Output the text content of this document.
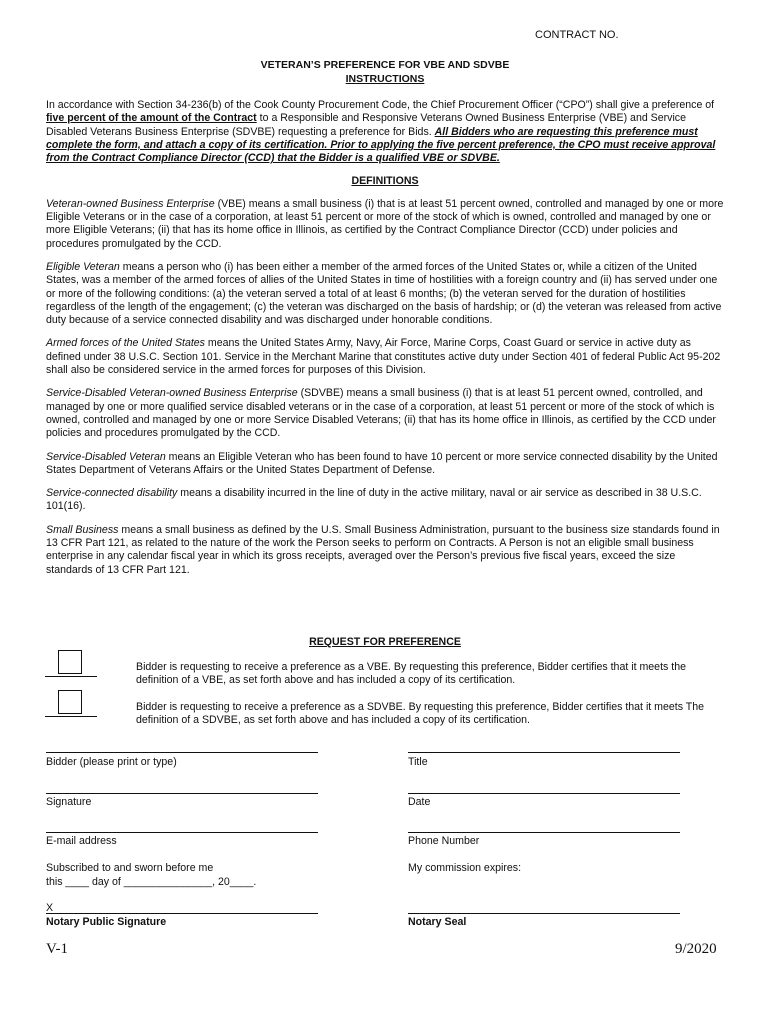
CONTRACT NO.
VETERAN’S PREFERENCE FOR VBE AND SDVBE
INSTRUCTIONS

In accordance with Section 34-236(b) of the Cook County Procurement Code, the Chief Procurement Officer (“CPO”) shall give a preference of five percent of the amount of the Contract to a Responsible and Responsive Veterans Owned Business Enterprise (VBE) and Service Disabled Veterans Business Enterprise (SDVBE) requesting a preference for Bids. All Bidders who are requesting this preference must complete the form, and attach a copy of its certification. Prior to applying the five percent preference, the CPO must receive approval from the Contract Compliance Director (CCD) that the Bidder is a qualified VBE or SDVBE.

DEFINITIONS

Veteran-owned Business Enterprise (VBE) means a small business (i) that is at least 51 percent owned, controlled and managed by one or more Eligible Veterans or in the case of a corporation, at least 51 percent or more of the stock of which is owned, controlled and managed by one or more Eligible Veterans; (ii) that has its home office in Illinois, as certified by the Contract Compliance Director (CCD) under policies and procedures promulgated by the CCD.

Eligible Veteran means a person who (i) has been either a member of the armed forces of the United States or, while a citizen of the United States, was a member of the armed forces of allies of the United States in time of hostilities with a foreign country and (ii) has served under one or more of the following conditions: (a) the veteran served a total of at least 6 months; (b) the veteran served for the duration of hostilities regardless of the length of the engagement; (c) the veteran was discharged on the basis of hardship; or (d) the veteran was released from active duty because of a service connected disability and was discharged under honorable conditions.

Armed forces of the United States means the United States Army, Navy, Air Force, Marine Corps, Coast Guard or service in active duty as defined under 38 U.S.C. Section 101. Service in the Merchant Marine that constitutes active duty under Section 401 of federal Public Act 95-202 shall also be considered service in the armed forces for purposes of this Division.

Service-Disabled Veteran-owned Business Enterprise (SDVBE) means a small business (i) that is at least 51 percent owned, controlled, and managed by one or more qualified service disabled veterans or in the case of a corporation, at least 51 percent or more of the stock of which is owned, controlled and managed by one or more Service Disabled Veterans; (ii) that has its home office in Illinois, as certified by the CCD under policies and procedures promulgated by the CCD.

Service-Disabled Veteran means an Eligible Veteran who has been found to have 10 percent or more service connected disability by the United States Department of Veterans Affairs or the United States Department of Defense.

Service-connected disability means a disability incurred in the line of duty in the active military, naval or air service as described in 38 U.S.C. 101(16).

Small Business means a small business as defined by the U.S. Small Business Administration, pursuant to the business size standards found in 13 CFR Part 121, as related to the nature of the work the Person seeks to perform on Contracts. A Person is not an eligible small business enterprise in any calendar fiscal year in which its gross receipts, averaged over the Person’s previous five fiscal years, exceed the size standards of 13 CFR Part 121.

REQUEST FOR PREFERENCE
Bidder is requesting to receive a preference as a VBE. By requesting this preference, Bidder certifies that it meets the definition of a VBE, as set forth above and has included a copy of its certification.
Bidder is requesting to receive a preference as a SDVBE. By requesting this preference, Bidder certifies that it meets The definition of a SDVBE, as set forth above and has included a copy of its certification.
Bidder (please print or type)	Title
Signature	Date
E-mail address	Phone Number
Subscribed to and sworn before me
this ____ day of _______________, 20____.
My commission expires:
X
Notary Public Signature	Notary Seal
V-1	9/2020
